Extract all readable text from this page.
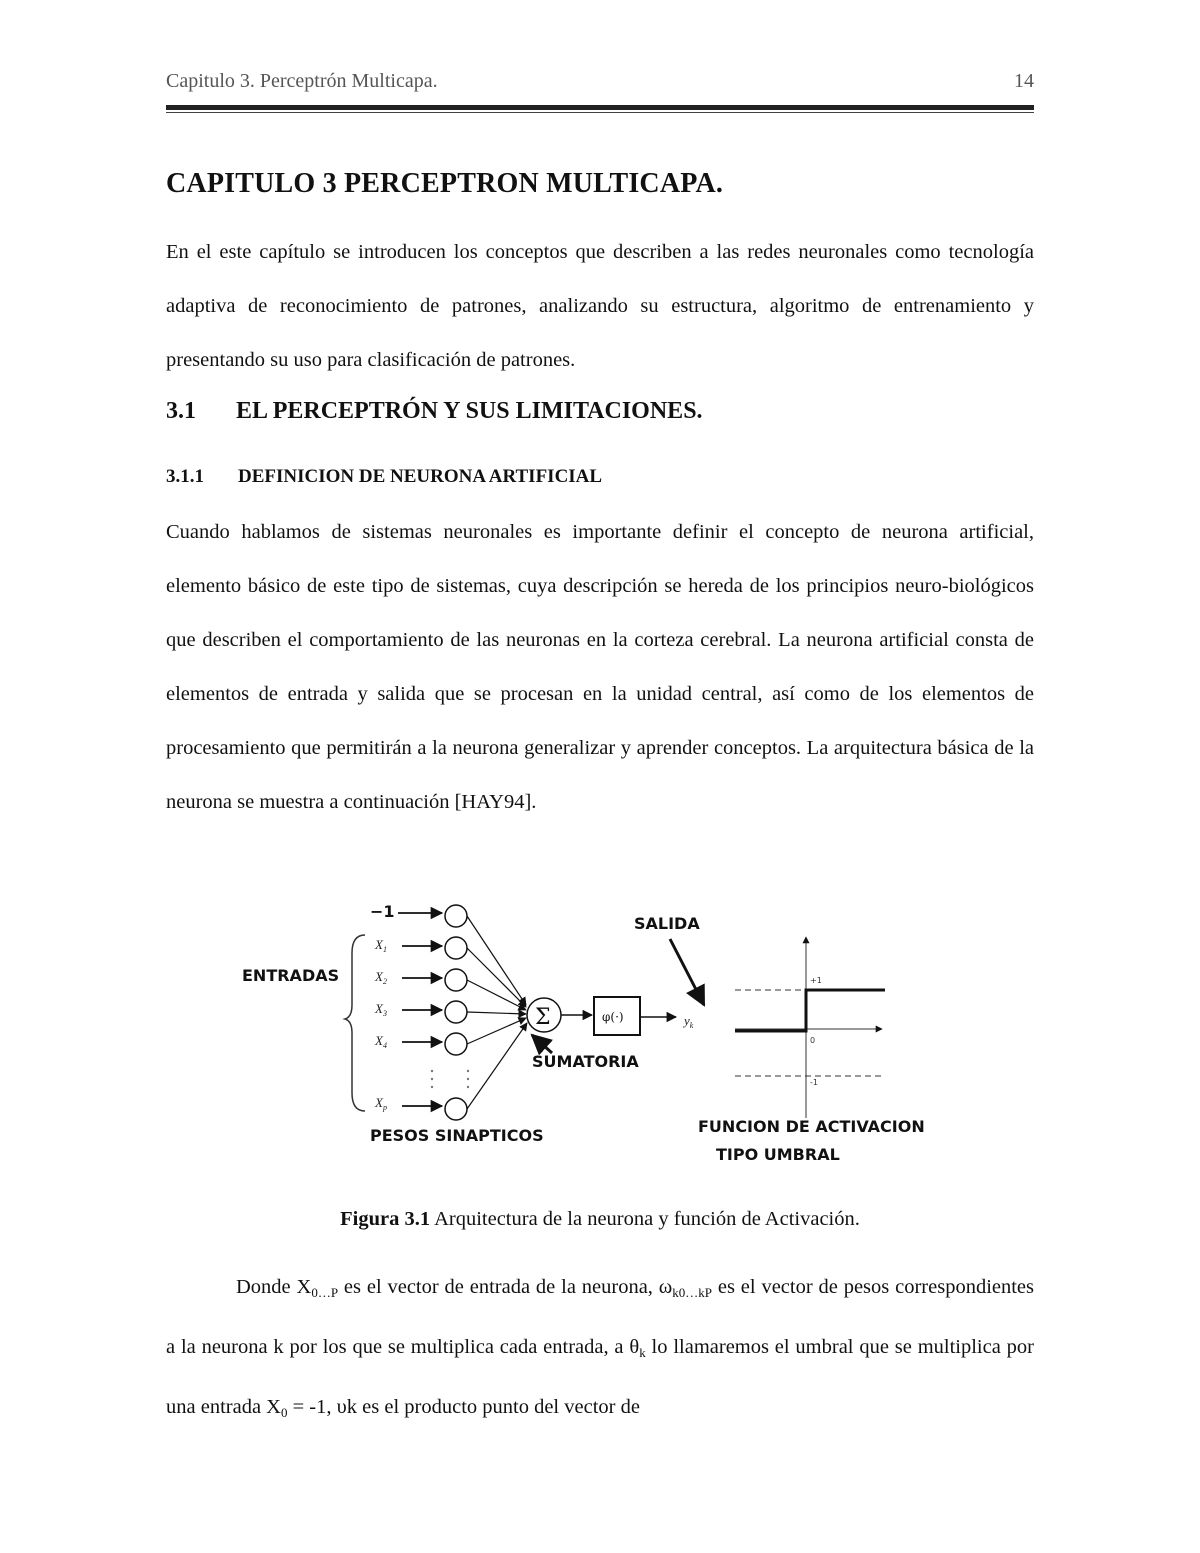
Capitulo 3. Perceptrón Multicapa.	14
CAPITULO 3 PERCEPTRON MULTICAPA.

En el este capítulo se introducen los conceptos que describen a las redes neuronales como tecnología adaptiva de reconocimiento de patrones, analizando su estructura, algoritmo de entrenamiento y presentando su uso para clasificación de patrones.

3.1 EL PERCEPTRÓN Y SUS LIMITACIONES.
3.1.1 DEFINICION DE NEURONA ARTIFICIAL

Cuando hablamos de sistemas neuronales es importante definir el concepto de neurona artificial, elemento básico de este tipo de sistemas, cuya descripción se hereda de los principios neuro-biológicos que describen el comportamiento de las neuronas en la corteza cerebral. La neurona artificial consta de elementos de entrada y salida que se procesan en la unidad central, así como de los elementos de procesamiento que permitirán a la neurona generalizar y aprender conceptos. La arquitectura básica de la neurona se muestra a continuación [HAY94].

−1
$X_1$
$X_2$
$X_3$
$X_4$
$X_p$
ENTRADAS
Σ	φ(·)	$y_k$
SALIDA
SUMATORIA
PESOS SINAPTICOS
+1
0
-1
FUNCION DE ACTIVACION
TIPO UMBRAL
Figura 3.1 Arquitectura de la neurona y función de Activación.

Donde $X_{0\dots P}$ es el vector de entrada de la neurona, $\omega_{k0\dots kP}$ es el vector de pesos correspondientes a la neurona k por los que se multiplica cada entrada, a $\theta_k$ lo llamaremos el umbral que se multiplica por una entrada $X_0 = -1$, υk es el producto punto del vector de
